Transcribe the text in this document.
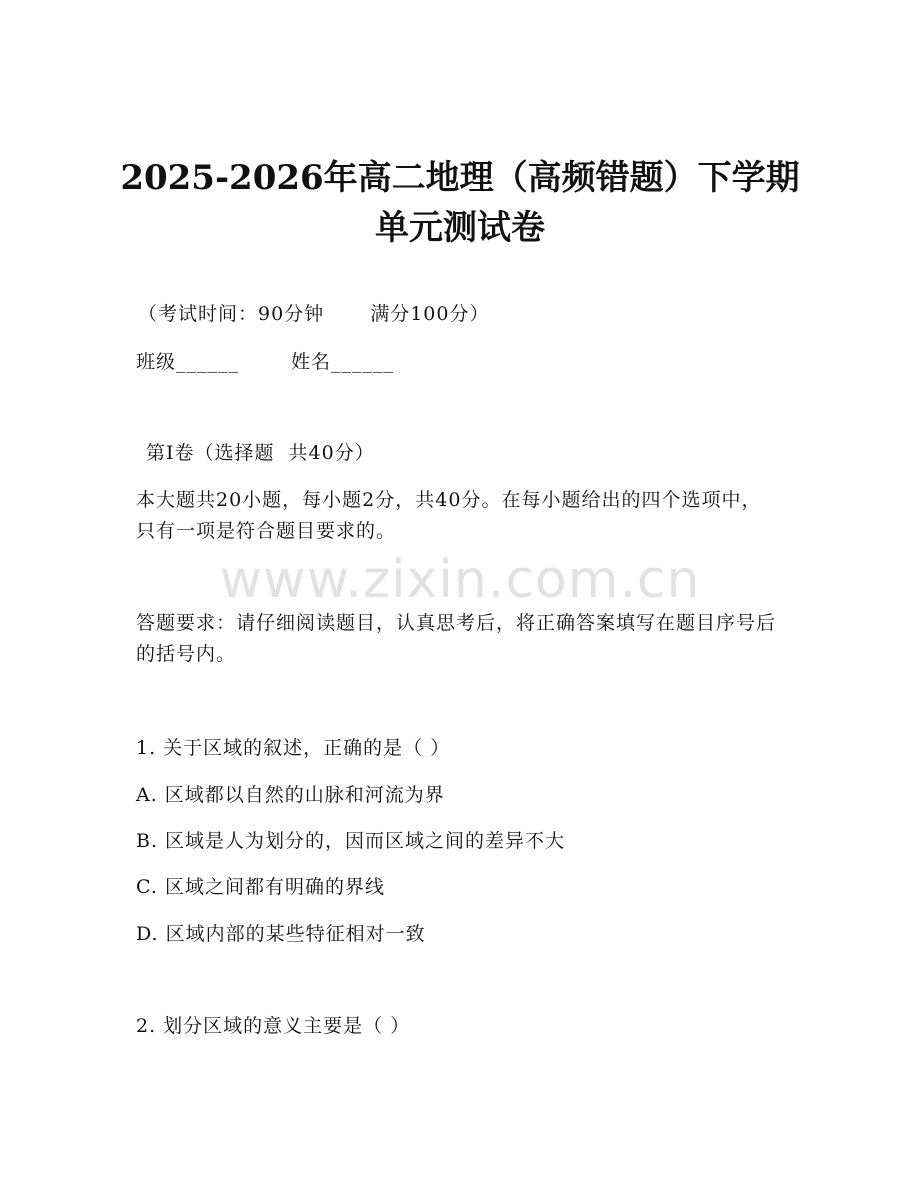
2025-2026年高二地理（高频错题）下学期
单元测试卷
（考试时间：90分钟 满分100分）
班级______	姓名______
第Ⅰ卷（选择题 共40分）
本大题共20小题，每小题2分，共40分。在每小题给出的四个选项中，只有一项是符合题目要求的。
www.zixin.com.cn
答题要求：请仔细阅读题目，认真思考后，将正确答案填写在题目序号后的括号内。
1. 关于区域的叙述，正确的是（ ）
A. 区域都以自然的山脉和河流为界
B. 区域是人为划分的，因而区域之间的差异不大
C. 区域之间都有明确的界线
D. 区域内部的某些特征相对一致
2. 划分区域的意义主要是（ ）
